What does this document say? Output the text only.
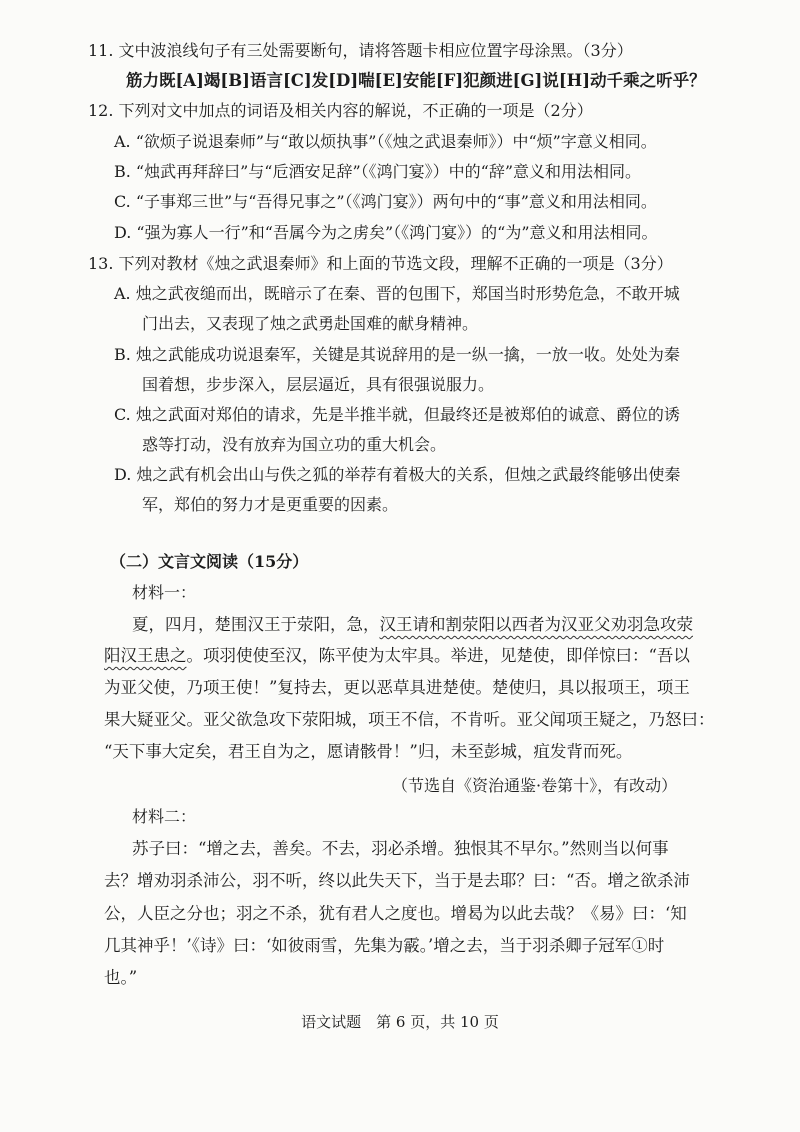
11. 文中波浪线句子有三处需要断句，请将答题卡相应位置字母涂黑。（3分）
筋力既[A]竭[B]语言[C]发[D]喘[E]安能[F]犯颜进[G]说[H]动千乘之听乎？
12. 下列对文中加点的词语及相关内容的解说，不正确的一项是（2分）
A. “欲烦子说退秦师”与“敢以烦执事”（《烛之武退秦师》）中“烦”字意义相同。
B. “烛武再拜辞曰”与“卮酒安足辞”（《鸿门宴》）中的“辞”意义和用法相同。
C. “子事郑三世”与“吾得兄事之”（《鸿门宴》）两句中的“事”意义和用法相同。
D. “强为寡人一行”和“吾属今为之虏矣”（《鸿门宴》）的“为”意义和用法相同。
13. 下列对教材《烛之武退秦师》和上面的节选文段，理解不正确的一项是（3分）
A. 烛之武夜缒而出，既暗示了在秦、晋的包围下，郑国当时形势危急，不敢开城
门出去，又表现了烛之武勇赴国难的献身精神。
B. 烛之武能成功说退秦军，关键是其说辞用的是一纵一擒，一放一收。处处为秦
国着想，步步深入，层层逼近，具有很强说服力。
C. 烛之武面对郑伯的请求，先是半推半就，但最终还是被郑伯的诚意、爵位的诱
惑等打动，没有放弃为国立功的重大机会。
D. 烛之武有机会出山与佚之狐的举荐有着极大的关系，但烛之武最终能够出使秦
军，郑伯的努力才是更重要的因素。
（二）文言文阅读（15分）
材料一：
夏，四月，楚围汉王于荥阳，急，汉王请和割荥阳以西者为汉亚父劝羽急攻荥
阳汉王患之。项羽使使至汉，陈平使为太牢具。举进，见楚使，即佯惊曰：“吾以
为亚父使，乃项王使！”复持去，更以恶草具进楚使。楚使归，具以报项王，项王
果大疑亚父。亚父欲急攻下荥阳城，项王不信，不肯听。亚父闻项王疑之，乃怒曰：
“天下事大定矣，君王自为之，愿请骸骨！”归，未至彭城，疽发背而死。
（节选自《资治通鉴·卷第十》，有改动）
材料二：
苏子曰：“增之去，善矣。不去，羽必杀增。独恨其不早尔。”然则当以何事
去？增劝羽杀沛公，羽不听，终以此失天下，当于是去耶？曰：“否。增之欲杀沛
公，人臣之分也；羽之不杀，犹有君人之度也。增曷为以此去哉？《易》曰：‘知
几其神乎！’《诗》曰：‘如彼雨雪，先集为霰。’增之去，当于羽杀卿子冠军①时
也。”
语文试题　第 6 页，共 10 页
